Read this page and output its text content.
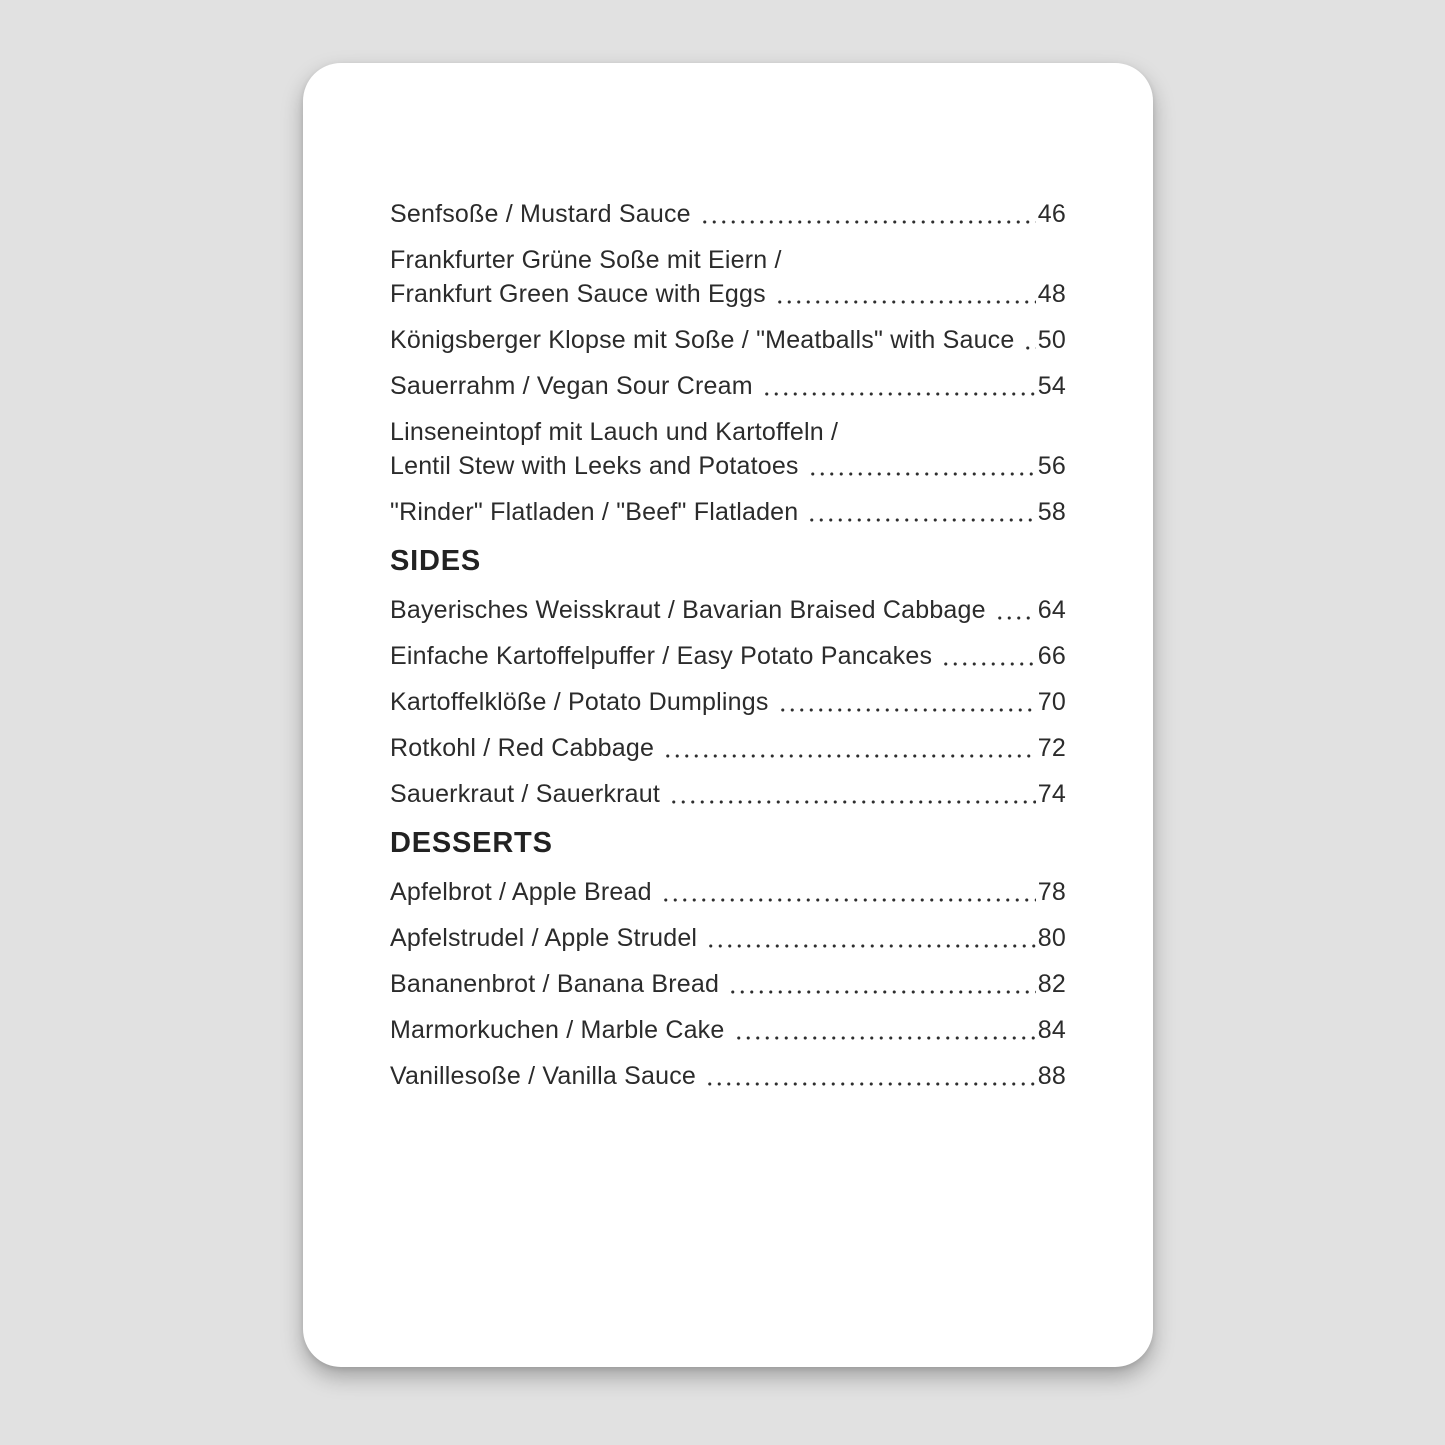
Senfsoße / Mustard Sauce	46
Frankfurter Grüne Soße mit Eiern /
Frankfurt Green Sauce with Eggs	48
Königsberger Klopse mit Soße / "Meatballs" with Sauce 50
Sauerrahm / Vegan Sour Cream	54
Linseneintopf mit Lauch und Kartoffeln /
Lentil Stew with Leeks and Potatoes	56
"Rinder" Flatladen / "Beef" Flatladen	58
SIDES
Bayerisches Weisskraut / Bavarian Braised Cabbage 64
Einfache Kartoffelpuffer / Easy Potato Pancakes	66
Kartoffelklöße / Potato Dumplings	70
Rotkohl / Red Cabbage	72
Sauerkraut / Sauerkraut	74
DESSERTS
Apfelbrot / Apple Bread	78
Apfelstrudel / Apple Strudel	80
Bananenbrot / Banana Bread	82
Marmorkuchen / Marble Cake	84
Vanillesoße / Vanilla Sauce	88
